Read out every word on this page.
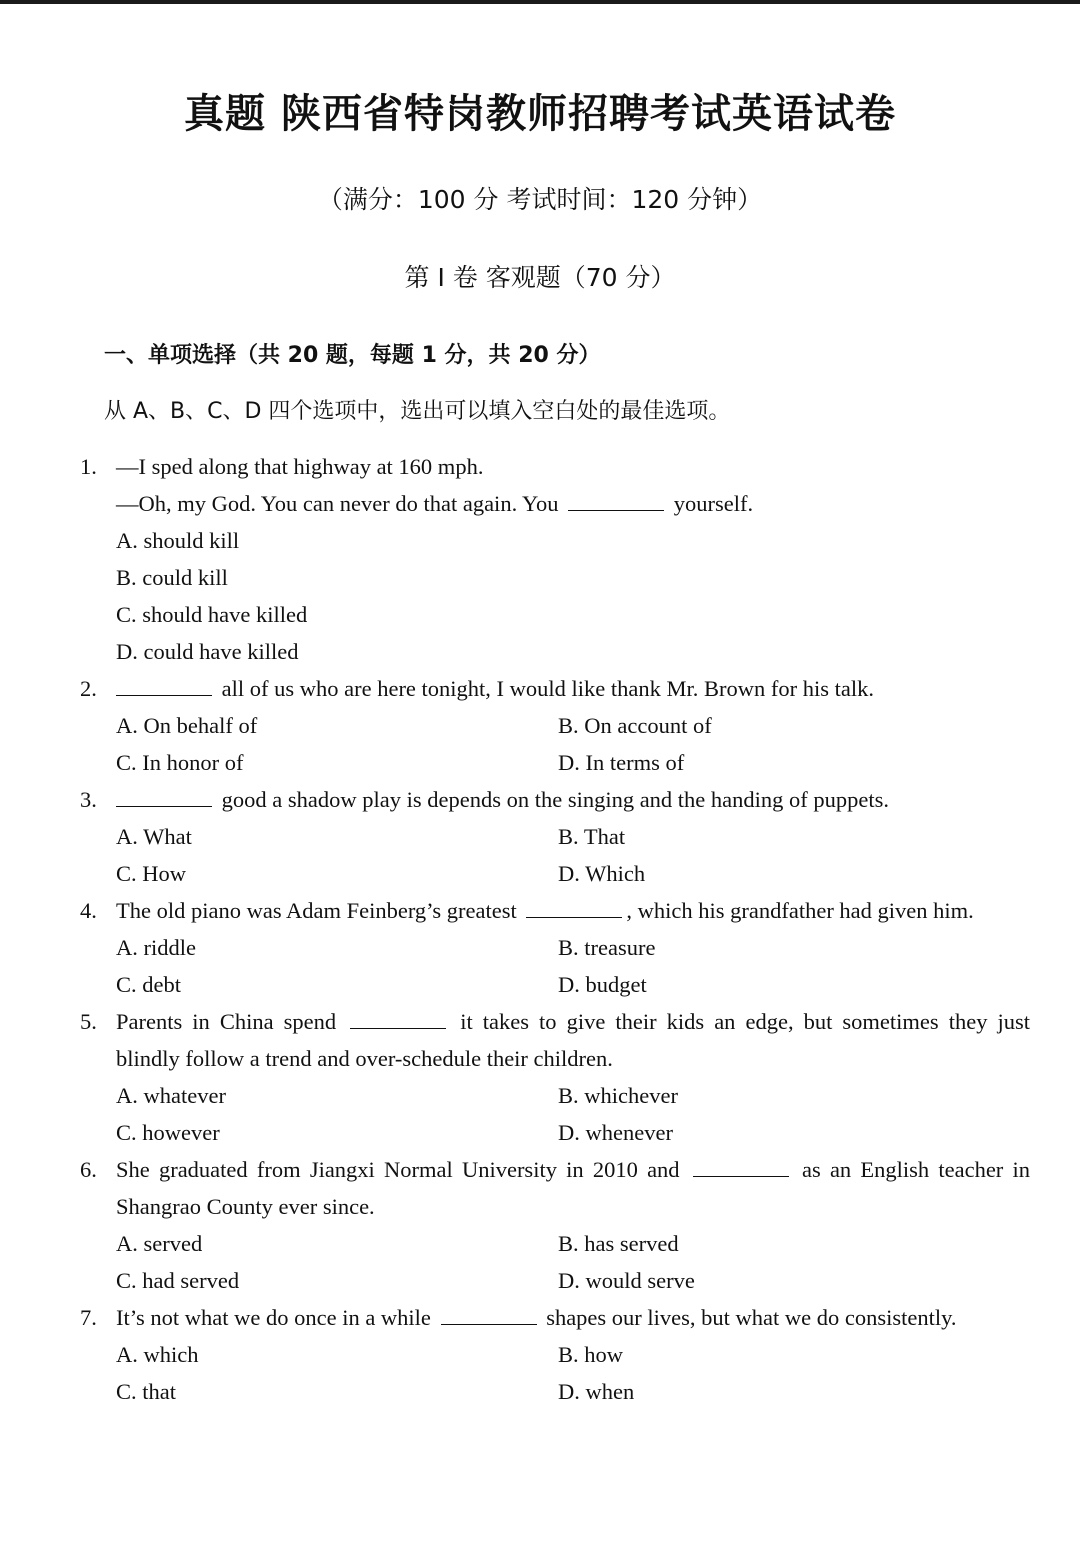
真题 陕西省特岗教师招聘考试英语试卷
（满分：100 分 考试时间：120 分钟）
第 Ⅰ 卷 客观题（70 分）
一、单项选择（共 20 题，每题 1 分，共 20 分）
从 A、B、C、D 四个选项中，选出可以填入空白处的最佳选项。
1. —I sped along that highway at 160 mph.
—Oh, my God. You can never do that again. You	yourself.
A. should kill
B. could kill
C. should have killed
D. could have killed
2.	all of us who are here tonight, I would like thank Mr. Brown for his talk.
A. On behalf of	B. On account of
C. In honor of	D. In terms of
3.	good a shadow play is depends on the singing and the handing of puppets.
A. What	B. That
C. How	D. Which
4. The old piano was Adam Feinberg’s greatest	, which his grandfather had given him.
A. riddle	B. treasure
C. debt	D. budget
5. Parents in China spend	it takes to give their kids an edge, but sometimes they just
blindly follow a trend and over-schedule their children.
A. whatever	B. whichever
C. however	D. whenever
6. She graduated from Jiangxi Normal University in 2010 and	as an English teacher in
Shangrao County ever since.
A. served	B. has served
C. had served	D. would serve
7. It’s not what we do once in a while	shapes our lives, but what we do consistently.
A. which	B. how
C. that	D. when
